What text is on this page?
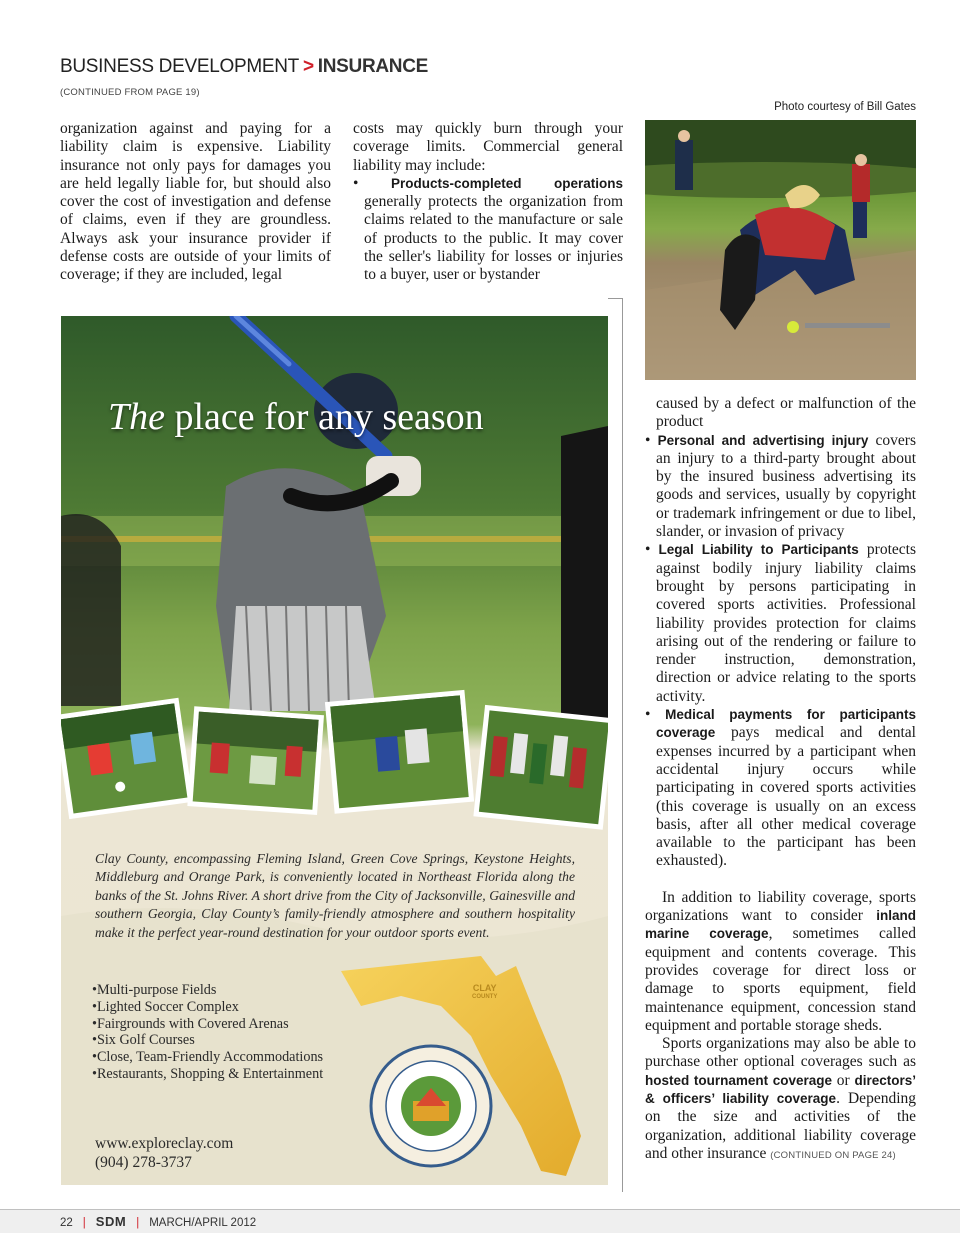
BUSINESS DEVELOPMENT > INSURANCE
(CONTINUED FROM PAGE 19)
Photo courtesy of Bill Gates

organization against and paying for a liability claim is expensive. Liability insurance not only pays for damages you are held legally liable for, but should also cover the cost of investigation and defense of claims, even if they are groundless. Always ask your insurance provider if defense costs are outside of your limits of coverage; if they are included, legal

costs may quickly burn through your coverage limits. Commercial general liability may include:

• Products-completed operations generally protects the organization from claims related to the manufacture or sale of products to the public. It may cover the seller's liability for losses or injuries to a buyer, user or bystander

The place for any season
Clay County, encompassing Fleming Island, Green Cove Springs, Keystone Heights, Middleburg and Orange Park, is conveniently located in Northeast Florida along the banks of the St. Johns River. A short drive from the City of Jacksonville, Gainesville and southern Georgia, Clay County’s family-friendly atmosphere and southern hospitality make it the perfect year-round destination for your outdoor sports event.
• Multi-purpose Fields
• Lighted Soccer Complex
• Fairgrounds with Covered Arenas
• Six Golf Courses
• Close, Team-Friendly Accommodations
• Restaurants, Shopping & Entertainment
www.exploreclay.com
(904) 278-3737
CLAY
COUNTY

caused by a defect or malfunction of the product

• Personal and advertising injury covers an injury to a third-party brought about by the insured business advertising its goods and services, usually by copyright or trademark infringement or due to libel, slander, or invasion of privacy

• Legal Liability to Participants protects against bodily injury liability claims brought by persons participating in covered sports activities. Professional liability provides protection for claims arising out of the rendering or failure to render instruction, demonstration, direction or advice relating to the sports activity.

• Medical payments for participants coverage pays medical and dental expenses incurred by a participant when accidental injury occurs while participating in covered sports activities (this coverage is usually on an excess basis, after all other medical coverage available to the participant has been exhausted).

In addition to liability coverage, sports organizations want to consider inland marine coverage, sometimes called equipment and contents coverage. This provides coverage for direct loss or damage to sports equipment, field maintenance equipment, concession stand equipment and portable storage sheds.

Sports organizations may also be able to purchase other optional coverages such as hosted tournament coverage or directors’ & officers’ liability coverage. Depending on the size and activities of the organization, additional liability coverage and other insurance (CONTINUED ON PAGE 24)

22 | SDM | MARCH/APRIL 2012
